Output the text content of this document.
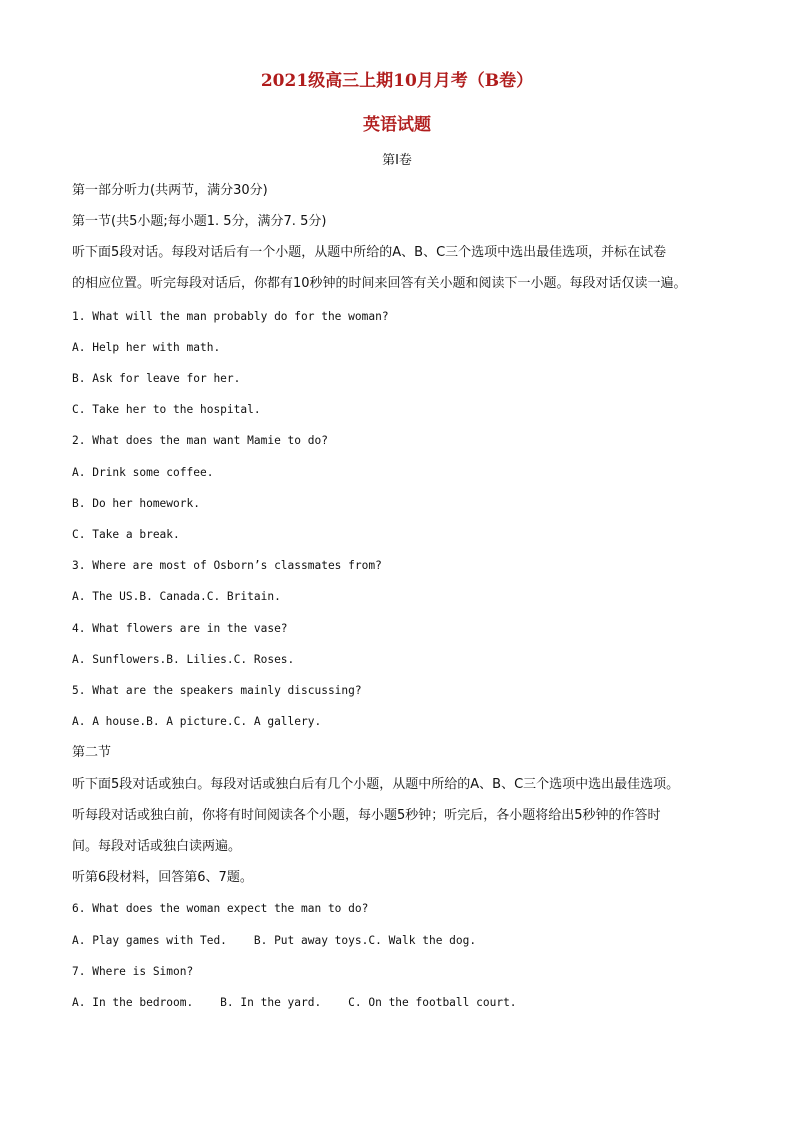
2021级高三上期10月月考（B卷）
英语试题
第I卷
第一部分听力(共两节，满分30分)
第一节(共5小题;每小题1. 5分，满分7. 5分)
听下面5段对话。每段对话后有一个小题，从题中所给的A、B、C三个选项中选出最佳选项，并标在试卷
的相应位置。听完每段对话后，你都有10秒钟的时间来回答有关小题和阅读下一小题。每段对话仅读一遍。
1. What will the man probably do for the woman?
A. Help her with math.
B. Ask for leave for her.
C. Take her to the hospital.
2. What does the man want Mamie to do?
A. Drink some coffee.
B. Do her homework.
C. Take a break.
3. Where are most of Osborn’s classmates from?
A. The US.B. Canada.C. Britain.
4. What flowers are in the vase?
A. Sunflowers.B. Lilies.C. Roses.
5. What are the speakers mainly discussing?
A. A house.B. A picture.C. A gallery.
第二节
听下面5段对话或独白。每段对话或独白后有几个小题，从题中所给的A、B、C三个选项中选出最佳选项。
听每段对话或独白前，你将有时间阅读各个小题，每小题5秒钟；听完后，各小题将给出5秒钟的作答时
间。每段对话或独白读两遍。
听第6段材料，回答第6、7题。
6. What does the woman expect the man to do?
A. Play games with Ted.    B. Put away toys.C. Walk the dog.
7. Where is Simon?
A. In the bedroom.    B. In the yard.    C. On the football court.
